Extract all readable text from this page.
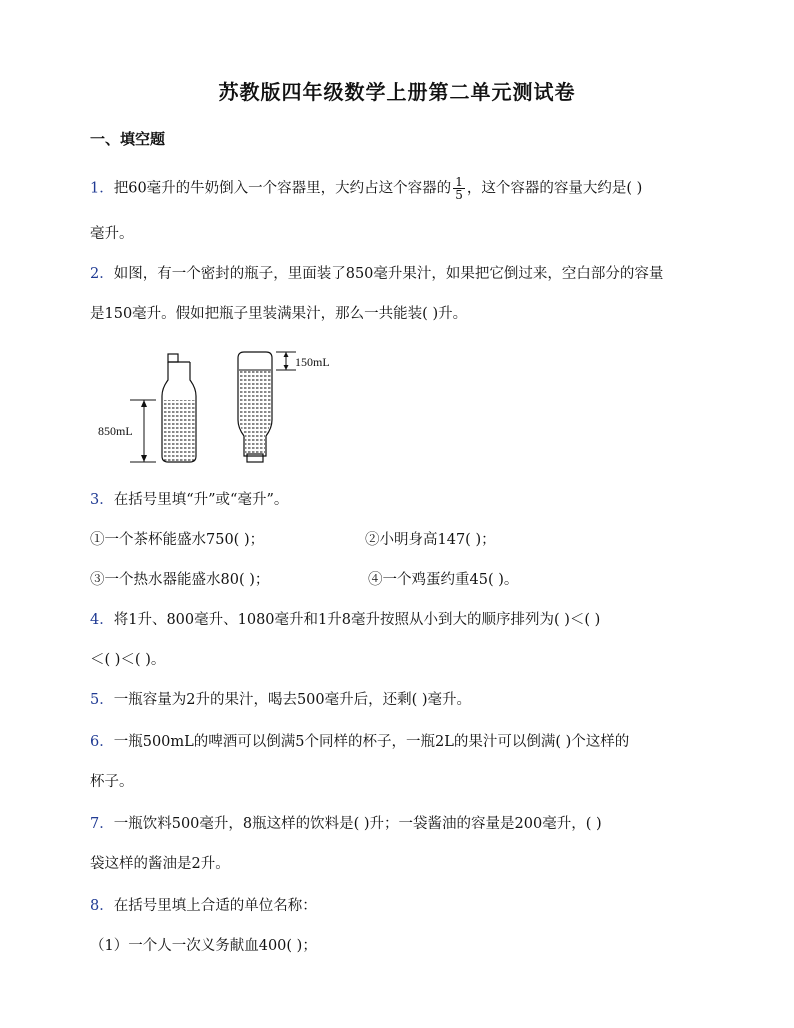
苏教版四年级数学上册第二单元测试卷
一、填空题
1．把60毫升的牛奶倒入一个容器里，大约占这个容器的 $\frac{1}{5}$ ，这个容器的容量大约是( )
毫升。
2．如图，有一个密封的瓶子，里面装了850毫升果汁，如果把它倒过来，空白部分的容量
是150毫升。假如把瓶子里装满果汁，那么一共能装( )升。
850mL
150mL
3．在括号里填“升”或“毫升”。
①一个茶杯能盛水750( )；	②小明身高147( )；
③一个热水器能盛水80( )；	④一个鸡蛋约重45( )。
4．将1升、800毫升、1080毫升和1升8毫升按照从小到大的顺序排列为( )＜( )
＜( )＜( )。
5．一瓶容量为2升的果汁，喝去500毫升后，还剩( )毫升。
6．一瓶500mL的啤酒可以倒满5个同样的杯子，一瓶2L的果汁可以倒满( )个这样的
杯子。
7．一瓶饮料500毫升，8瓶这样的饮料是( )升；一袋酱油的容量是200毫升，( )
袋这样的酱油是2升。
8．在括号里填上合适的单位名称：
（1）一个人一次义务献血400( )；
